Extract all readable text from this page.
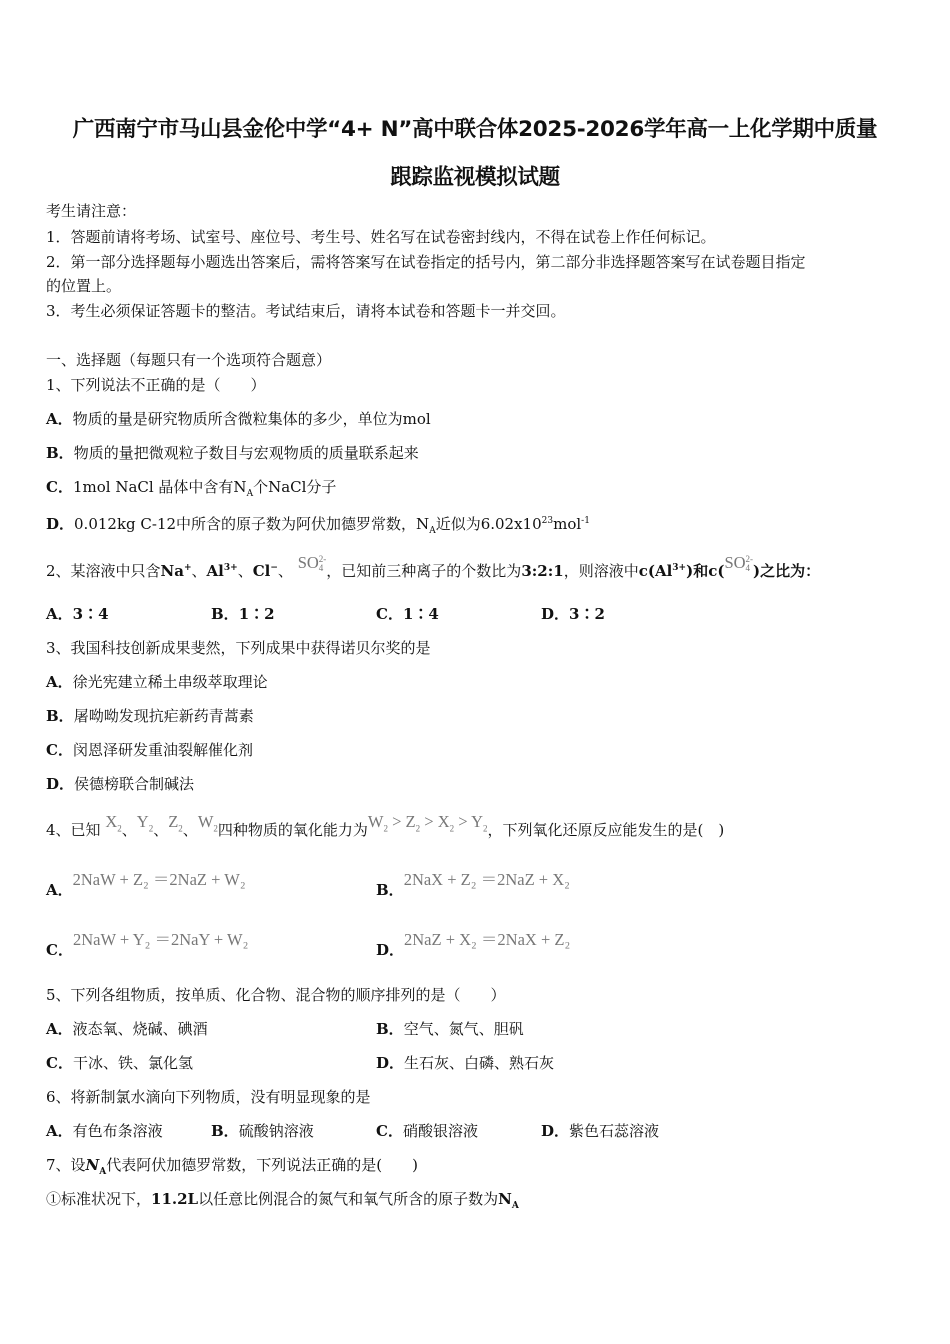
广西南宁市马山县金伦中学“4+ N”高中联合体2025-2026学年高一上化学期中质量
跟踪监视模拟试题
考生请注意：
1．答题前请将考场、试室号、座位号、考生号、姓名写在试卷密封线内，不得在试卷上作任何标记。
2．第一部分选择题每小题选出答案后，需将答案写在试卷指定的括号内，第二部分非选择题答案写在试卷题目指定
的位置上。
3．考生必须保证答题卡的整洁。考试结束后，请将本试卷和答题卡一并交回。
一、选择题（每题只有一个选项符合题意）
1、下列说法不正确的是（　　）
A．物质的量是研究物质所含微粒集体的多少，单位为mol
B．物质的量把微观粒子数目与宏观物质的质量联系起来
C．1mol NaCl 晶体中含有$N_A$个NaCl分子
D．0.012kg C-12中所含的原子数为阿伏加德罗常数，$N_A$近似为$6.02x10^{23}mol^{-1}$
2、某溶液中只含Na+、$Al^{3+}$、Cl−、 SO 2-
4 ，已知前三种离子的个数比为3:2:1，则溶液中$c(Al^{3+})$和c(SO 2-
4 )之比为：
A．3∶4	B．1∶2	C．1∶4	D．3∶2
3、我国科技创新成果斐然，下列成果中获得诺贝尔奖的是
A．徐光宪建立稀土串级萃取理论
B．屠呦呦发现抗疟新药青蒿素
C．闵恩泽研发重油裂解催化剂
D．侯德榜联合制碱法
4、已知 $X_2$、$Y_2$、$Z_2$、$W_2$四种物质的氧化能力为$W_2 > Z_2 > X_2 > Y_2$，下列氧化还原反应能发生的是(　)
A．2NaW + Z₂ ＝2NaZ + W₂
B．2NaX + Z₂ ＝2NaZ + X₂
C．2NaW + Y₂ ＝2NaY + W₂
D．2NaZ + X₂ ＝2NaX + Z₂
5、下列各组物质，按单质、化合物、混合物的顺序排列的是（　　）
A．液态氧、烧碱、碘酒	B．空气、氮气、胆矾
C．干冰、铁、氯化氢	D．生石灰、白磷、熟石灰
6、将新制氯水滴向下列物质，没有明显现象的是
A．有色布条溶液	B．硫酸钠溶液	C．硝酸银溶液	D．紫色石蕊溶液
7、设$N_A$代表阿伏加德罗常数，下列说法正确的是(　　)
①标准状况下，11.2L以任意比例混合的氮气和氧气所含的原子数为$N_A$
